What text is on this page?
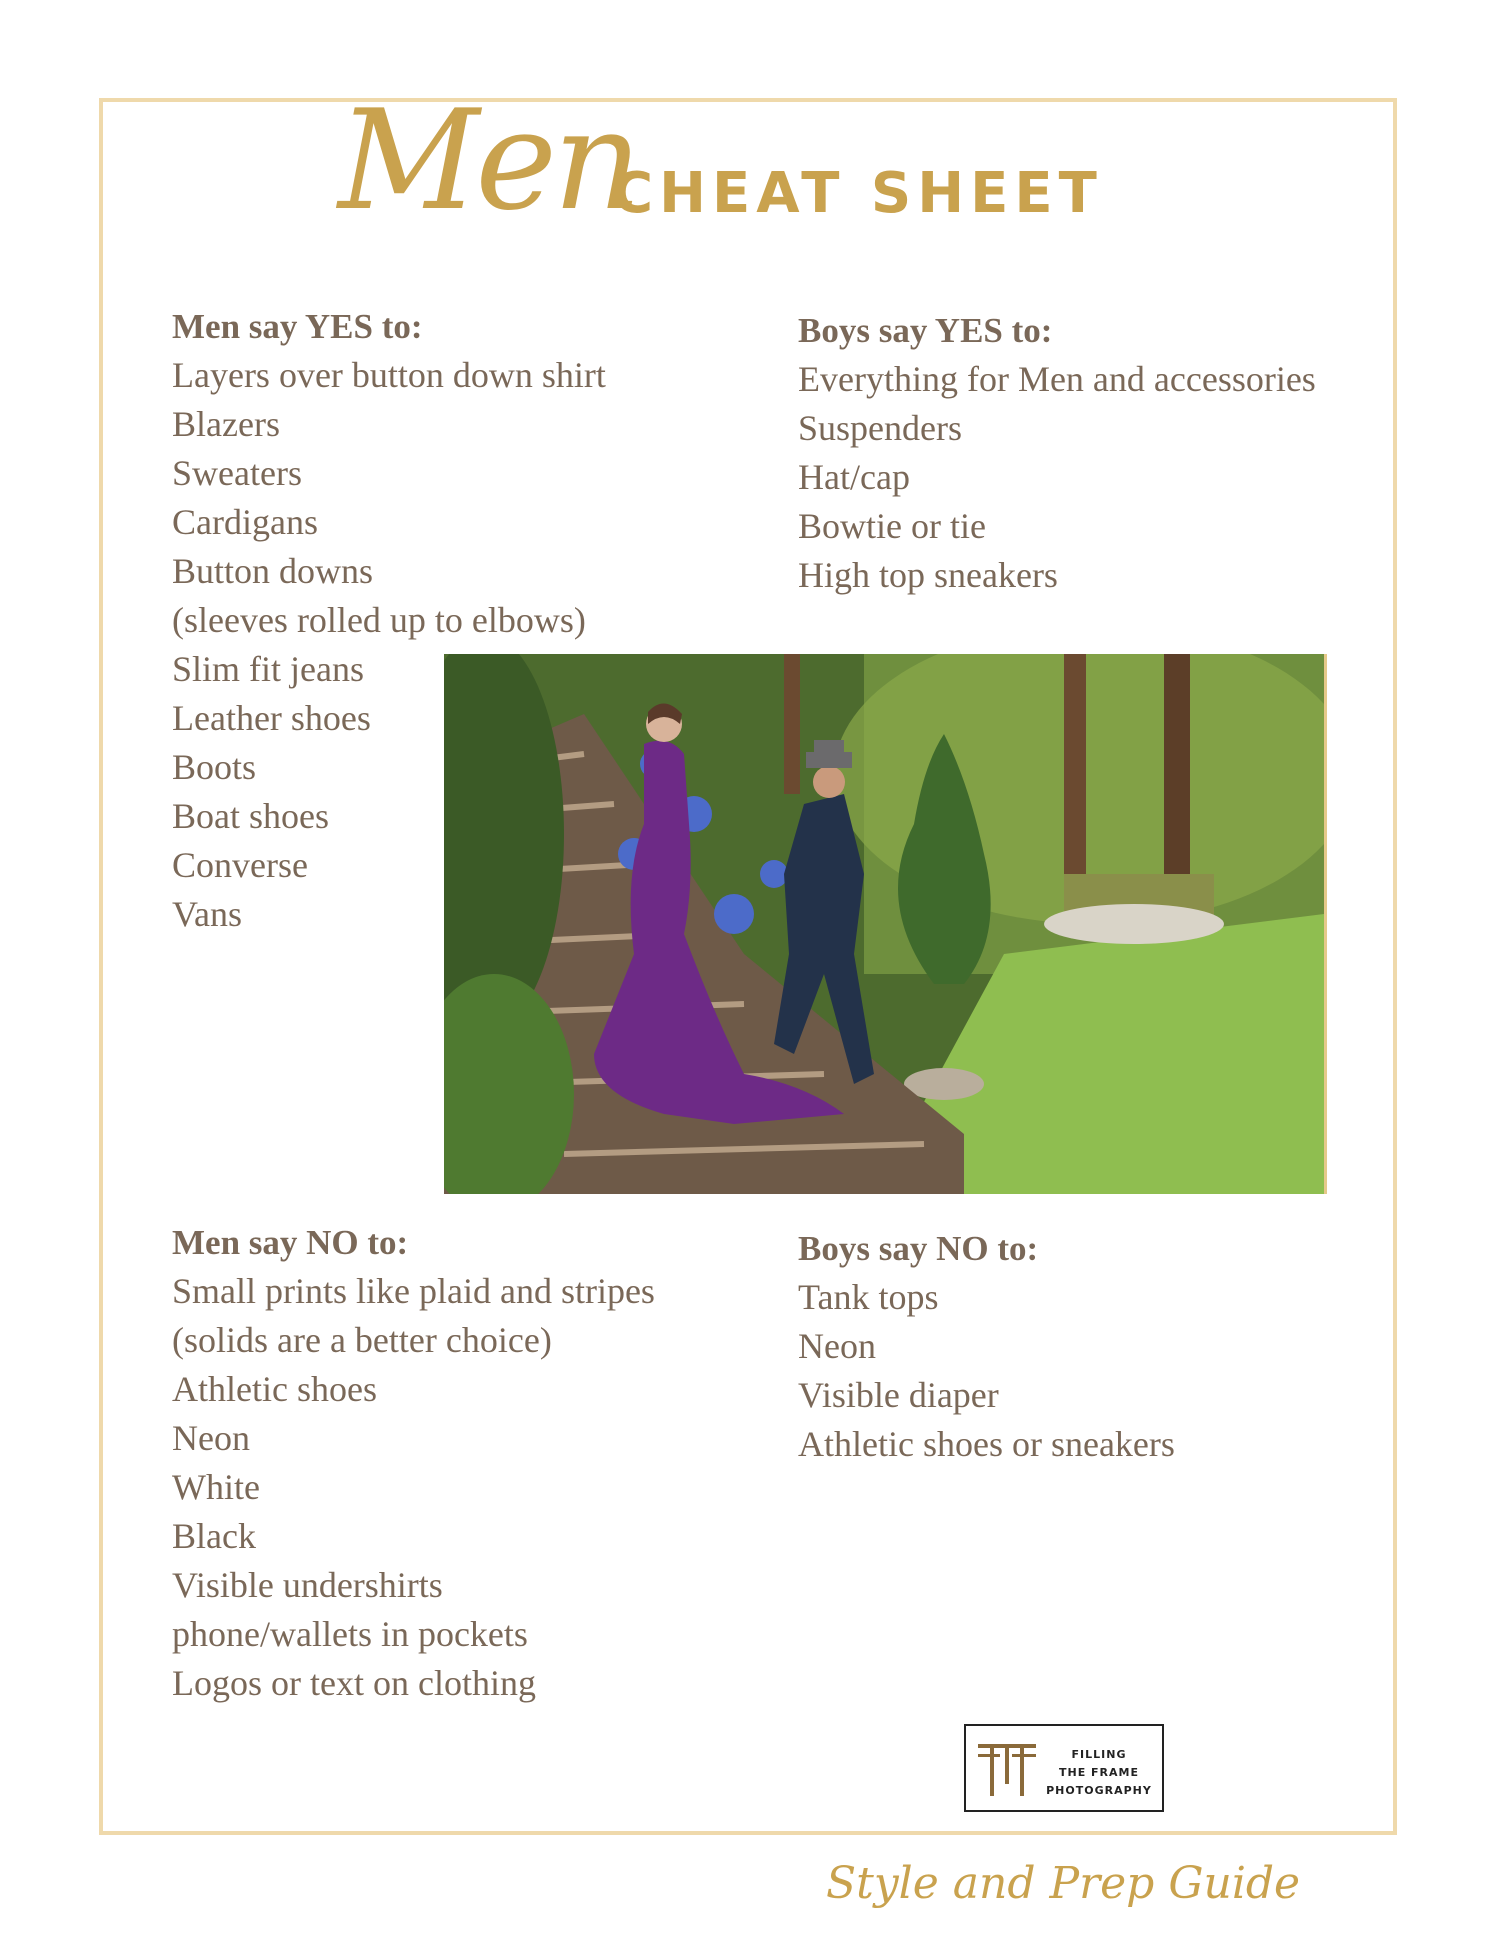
Men
CHEAT SHEET
Men say YES to:
Layers over button down shirt
Blazers
Sweaters
Cardigans
Button downs
(sleeves rolled up to elbows)
Slim fit jeans
Leather shoes
Boots
Boat shoes
Converse
Vans
Boys say YES to:
Everything for Men and accessories
Suspenders
Hat/cap
Bowtie or tie
High top sneakers
Men say NO to:
Small prints like plaid and stripes
(solids are a better choice)
Athletic shoes
Neon
White
Black
Visible undershirts
phone/wallets in pockets
Logos or text on clothing
Boys say NO to:
Tank tops
Neon
Visible diaper
Athletic shoes or sneakers
FILLING
THE FRAME
PHOTOGRAPHY
Style and Prep Guide
